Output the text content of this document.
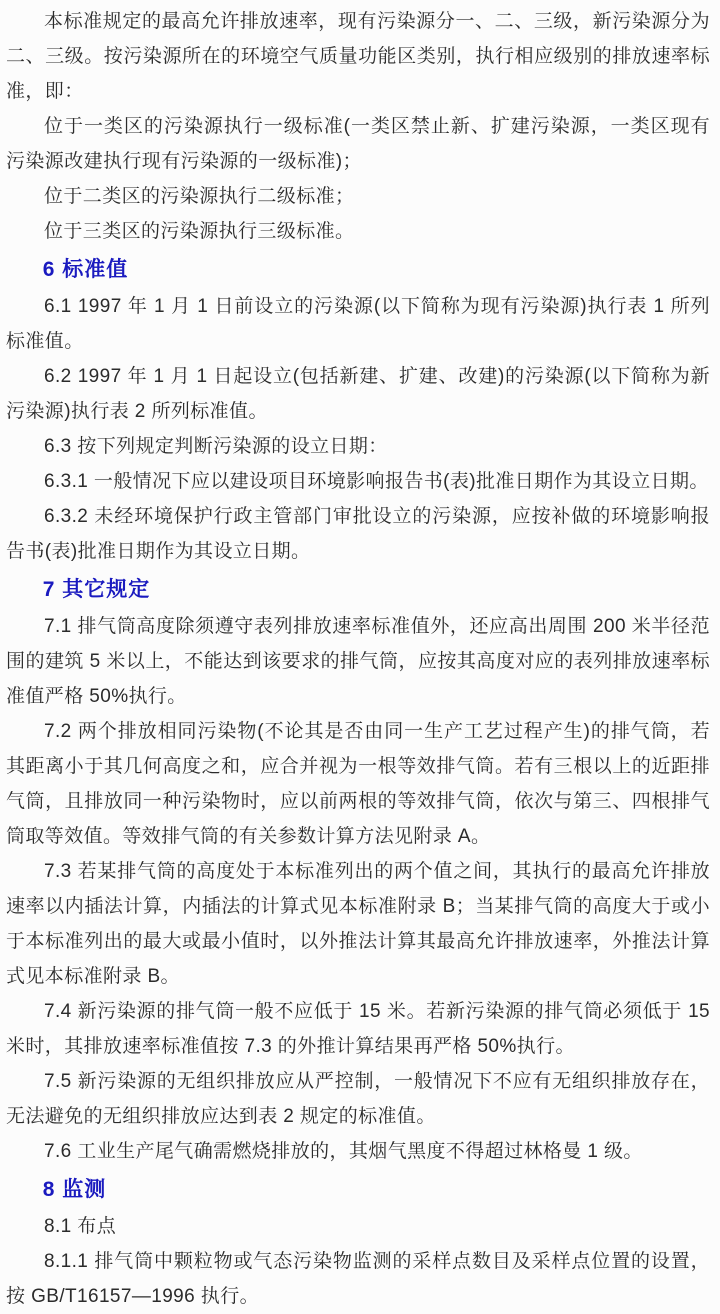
本标准规定的最高允许排放速率，现有污染源分一、二、三级，新污染源分为二、三级。按污染源所在的环境空气质量功能区类别，执行相应级别的排放速率标准，即：

位于一类区的污染源执行一级标准(一类区禁止新、扩建污染源，一类区现有污染源改建执行现有污染源的一级标准)；

位于二类区的污染源执行二级标准；

位于三类区的污染源执行三级标准。

6 标准值

6.1 1997 年 1 月 1 日前设立的污染源(以下简称为现有污染源)执行表 1 所列标准值。

6.2 1997 年 1 月 1 日起设立(包括新建、扩建、改建)的污染源(以下简称为新污染源)执行表 2 所列标准值。

6.3 按下列规定判断污染源的设立日期：

6.3.1 一般情况下应以建设项目环境影响报告书(表)批准日期作为其设立日期。

6.3.2 未经环境保护行政主管部门审批设立的污染源，应按补做的环境影响报告书(表)批准日期作为其设立日期。

7 其它规定

7.1 排气筒高度除须遵守表列排放速率标准值外，还应高出周围 200 米半径范围的建筑 5 米以上，不能达到该要求的排气筒，应按其高度对应的表列排放速率标准值严格 50%执行。

7.2 两个排放相同污染物(不论其是否由同一生产工艺过程产生)的排气筒，若其距离小于其几何高度之和，应合并视为一根等效排气筒。若有三根以上的近距排气筒，且排放同一种污染物时，应以前两根的等效排气筒，依次与第三、四根排气筒取等效值。等效排气筒的有关参数计算方法见附录 A。

7.3 若某排气筒的高度处于本标准列出的两个值之间，其执行的最高允许排放速率以内插法计算，内插法的计算式见本标准附录 B；当某排气筒的高度大于或小于本标准列出的最大或最小值时，以外推法计算其最高允许排放速率，外推法计算式见本标准附录 B。

7.4 新污染源的排气筒一般不应低于 15 米。若新污染源的排气筒必须低于 15 米时，其排放速率标准值按 7.3 的外推计算结果再严格 50%执行。

7.5 新污染源的无组织排放应从严控制，一般情况下不应有无组织排放存在，无法避免的无组织排放应达到表 2 规定的标准值。

7.6 工业生产尾气确需燃烧排放的，其烟气黑度不得超过林格曼 1 级。

8 监测

8.1 布点

8.1.1 排气筒中颗粒物或气态污染物监测的采样点数目及采样点位置的设置，按 GB/T16157—1996 执行。
